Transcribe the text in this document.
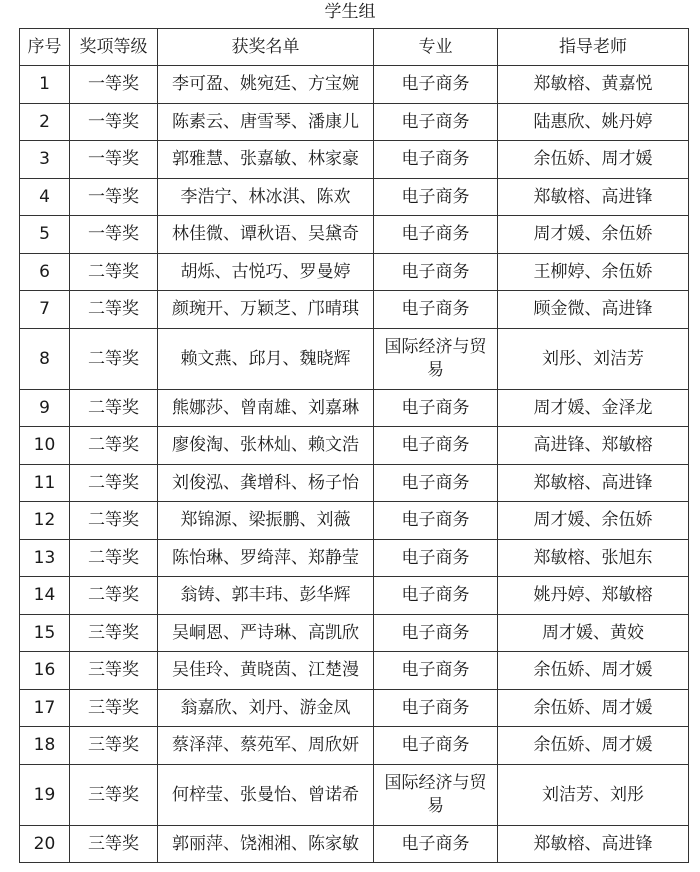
学生组
序号	奖项等级	获奖名单	专业	指导老师
1	一等奖	李可盈、姚宛廷、方宝婉	电子商务	郑敏榕、黄嘉悦
2	一等奖	陈素云、唐雪琴、潘康儿	电子商务	陆惠欣、姚丹婷
3	一等奖	郭雅慧、张嘉敏、林家豪	电子商务	余伍娇、周才媛
4	一等奖	李浩宁、林冰淇、陈欢	电子商务	郑敏榕、高进锋
5	一等奖	林佳微、谭秋语、吴黛奇	电子商务	周才媛、余伍娇
6	二等奖	胡烁、古悦巧、罗曼婷	电子商务	王柳婷、余伍娇
7	二等奖	颜琬开、万颖芝、邝晴琪	电子商务	顾金微、高进锋
8	二等奖	赖文燕、邱月、魏晓辉	国际经济与贸易	刘彤、刘洁芳
9	二等奖	熊娜莎、曾南雄、刘嘉琳	电子商务	周才媛、金泽龙
10	二等奖	廖俊淘、张林灿、赖文浩	电子商务	高进锋、郑敏榕
11	二等奖	刘俊泓、龚增科、杨子怡	电子商务	郑敏榕、高进锋
12	二等奖	郑锦源、梁振鹏、刘薇	电子商务	周才媛、余伍娇
13	二等奖	陈怡琳、罗绮萍、郑静莹	电子商务	郑敏榕、张旭东
14	二等奖	翁铸、郭丰玮、彭华辉	电子商务	姚丹婷、郑敏榕
15	三等奖	吴峒恩、严诗琳、高凯欣	电子商务	周才媛、黄姣
16	三等奖	吴佳玲、黄晓茵、江楚漫	电子商务	余伍娇、周才媛
17	三等奖	翁嘉欣、刘丹、游金凤	电子商务	余伍娇、周才媛
18	三等奖	蔡泽萍、蔡苑军、周欣妍	电子商务	余伍娇、周才媛
19	三等奖	何梓莹、张曼怡、曾诺希	国际经济与贸易	刘洁芳、刘彤
20	三等奖	郭丽萍、饶湘湘、陈家敏	电子商务	郑敏榕、高进锋
